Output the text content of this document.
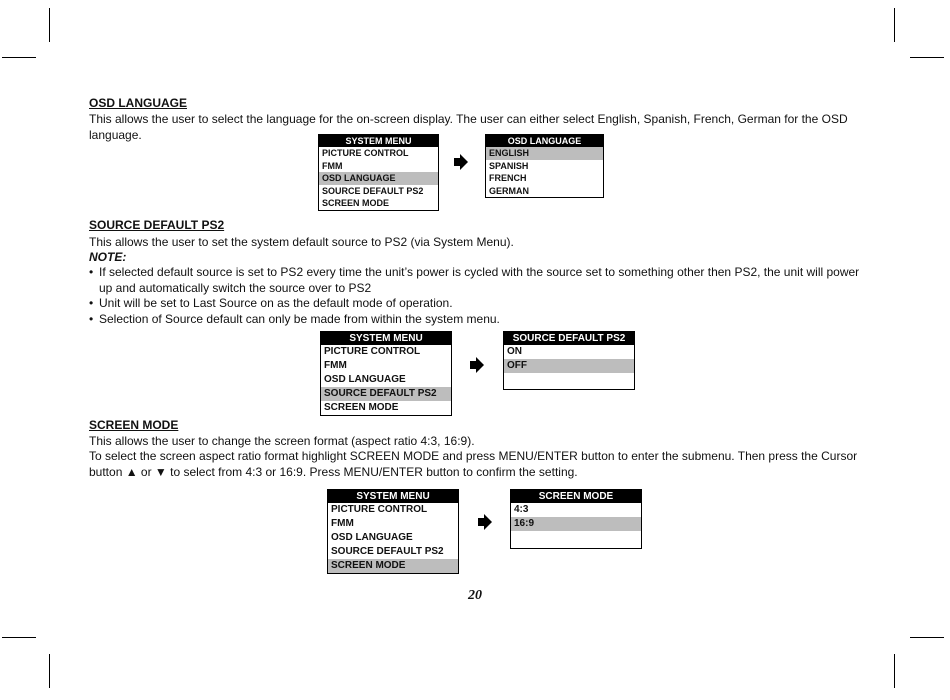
OSD LANGUAGE
This allows the user to select the language for the on-screen display. The user can either select English, Spanish, French, German for the OSD language.	SYSTEM MENU
PICTURE CONTROL
FMM
OSD LANGUAGE
SOURCE DEFAULT PS2
SCREEN MODE
OSD LANGUAGE
ENGLISH
SPANISH
FRENCH
GERMAN
SOURCE DEFAULT PS2
This allows the user to set the system default source to PS2 (via System Menu).
NOTE:
• If selected default source is set to PS2 every time the unit’s power is cycled with the source set to something other then PS2, the unit will power up and automatically switch the source over to PS2
• Unit will be set to Last Source on as the default mode of operation.
• Selection of Source default can only be made from within the system menu.
SYSTEM MENU
PICTURE CONTROL
FMM
OSD LANGUAGE
SOURCE DEFAULT PS2
SCREEN MODE
SOURCE DEFAULT PS2
ON
OFF
SCREEN MODE
This allows the user to change the screen format (aspect ratio 4:3, 16:9).
To select the screen aspect ratio format highlight SCREEN MODE and press MENU/ENTER button to enter the submenu. Then press the Cursor button ▲ or ▼ to select from 4:3 or 16:9. Press MENU/ENTER button to confirm the setting.
SYSTEM MENU
PICTURE CONTROL
FMM
OSD LANGUAGE
SOURCE DEFAULT PS2
SCREEN MODE
SCREEN MODE
4:3
16:9
20
